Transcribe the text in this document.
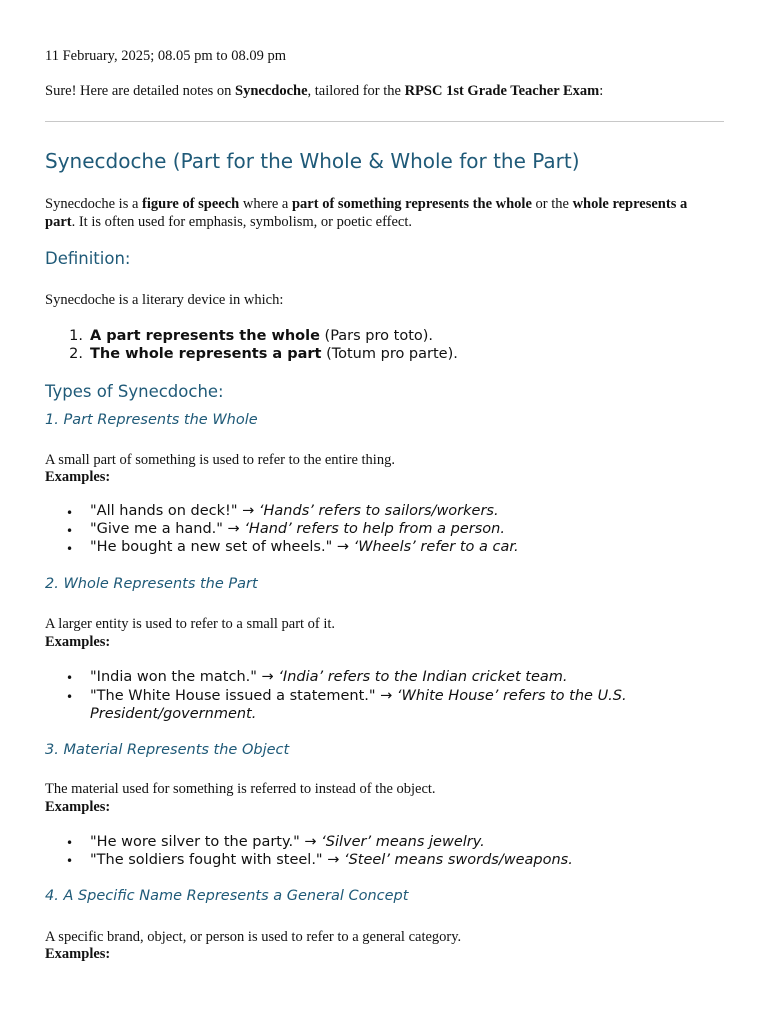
11 February, 2025; 08.05 pm to 08.09 pm
Sure! Here are detailed notes on Synecdoche, tailored for the RPSC 1st Grade Teacher Exam:
Synecdoche (Part for the Whole & Whole for the Part)
Synecdoche is a figure of speech where a part of something represents the whole or the whole represents a
part. It is often used for emphasis, symbolism, or poetic effect.
Definition:
Synecdoche is a literary device in which:
1. A part represents the whole (Pars pro toto).
2. The whole represents a part (Totum pro parte).
Types of Synecdoche:
1. Part Represents the Whole
A small part of something is used to refer to the entire thing.
Examples:
• "All hands on deck!" → ‘Hands’ refers to sailors/workers.
• "Give me a hand." → ‘Hand’ refers to help from a person.
• "He bought a new set of wheels." → ‘Wheels’ refer to a car.
2. Whole Represents the Part
A larger entity is used to refer to a small part of it.
Examples:
• "India won the match." → ‘India’ refers to the Indian cricket team.
• "The White House issued a statement." → ‘White House’ refers to the U.S.
President/government.
3. Material Represents the Object
The material used for something is referred to instead of the object.
Examples:
• "He wore silver to the party." → ‘Silver’ means jewelry.
• "The soldiers fought with steel." → ‘Steel’ means swords/weapons.
4. A Specific Name Represents a General Concept
A specific brand, object, or person is used to refer to a general category.
Examples:
